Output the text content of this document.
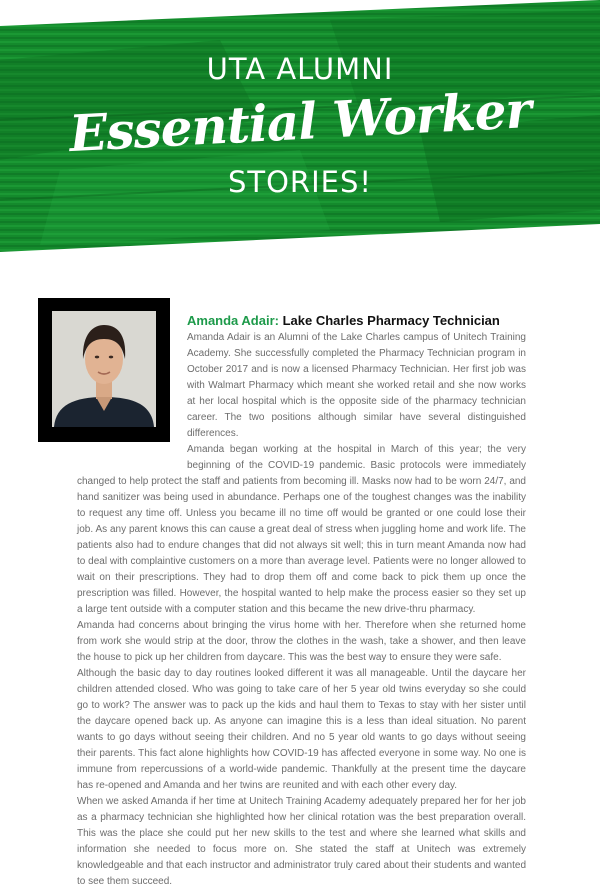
UTA ALUMNI
Essential Worker
STORIES!
Amanda Adair: Lake Charles Pharmacy Technician

Amanda Adair is an Alumni of the Lake Charles campus of Unitech Training Academy. She successfully completed the Pharmacy Technician program in October 2017 and is now a licensed Pharmacy Technician. Her first job was with Walmart Pharmacy which meant she worked retail and she now works at her local hospital which is the opposite side of the pharmacy technician career. The two positions although similar have several distinguished differences.

Amanda began working at the hospital in March of this year; the very beginning of the COVID-19 pandemic. Basic protocols were immediately changed to help protect the staff and patients from becoming ill. Masks now had to be worn 24/7, and hand sanitizer was being used in abundance. Perhaps one of the toughest changes was the inability to request any time off. Unless you became ill no time off would be granted or one could lose their job. As any parent knows this can cause a great deal of stress when juggling home and work life. The patients also had to endure changes that did not always sit well; this in turn meant Amanda now had to deal with complaintive customers on a more than average level. Patients were no longer allowed to wait on their prescriptions. They had to drop them off and come back to pick them up once the prescription was filled. However, the hospital wanted to help make the process easier so they set up a large tent outside with a computer station and this became the new drive-thru pharmacy.

Amanda had concerns about bringing the virus home with her. Therefore when she returned home from work she would strip at the door, throw the clothes in the wash, take a shower, and then leave the house to pick up her children from daycare. This was the best way to ensure they were safe.

Although the basic day to day routines looked different it was all manageable. Until the daycare her children attended closed. Who was going to take care of her 5 year old twins everyday so she could go to work? The answer was to pack up the kids and haul them to Texas to stay with her sister until the daycare opened back up. As anyone can imagine this is a less than ideal situation. No parent wants to go days without seeing their children. And no 5 year old wants to go days without seeing their parents. This fact alone highlights how COVID-19 has affected everyone in some way. No one is immune from repercussions of a world-wide pandemic. Thankfully at the present time the daycare has re-opened and Amanda and her twins are reunited and with each other every day.

When we asked Amanda if her time at Unitech Training Academy adequately prepared her for her job as a pharmacy technician she highlighted how her clinical rotation was the best preparation overall. This was the place she could put her new skills to the test and where she learned what skills and information she needed to focus more on. She stated the staff at Unitech was extremely knowledgeable and that each instructor and administrator truly cared about their students and wanted to see them succeed.
